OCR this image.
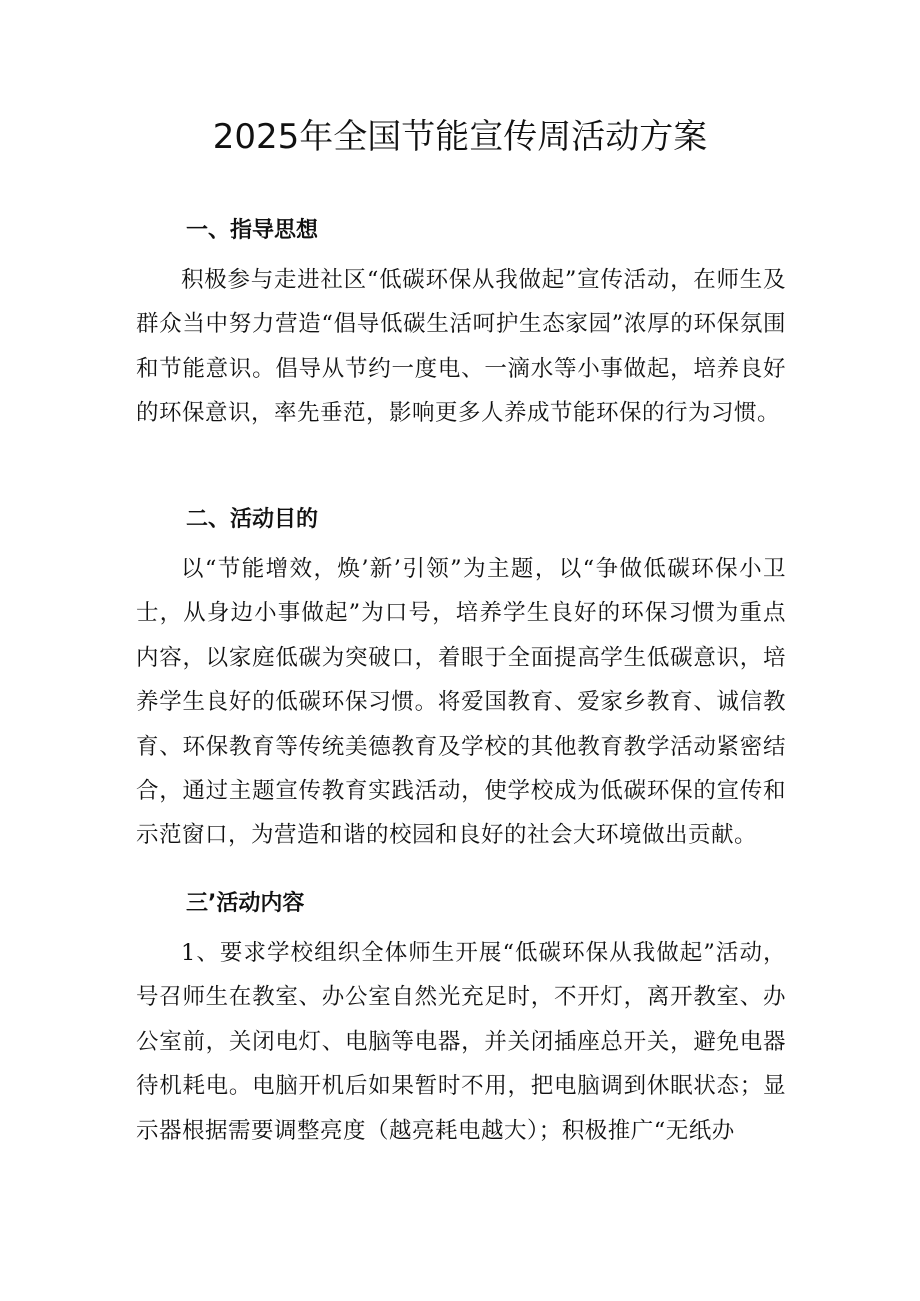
2025年全国节能宣传周活动方案
一、指导思想

积极参与走进社区“低碳环保从我做起”宣传活动，在师生及群众当中努力营造“倡导低碳生活呵护生态家园”浓厚的环保氛围和节能意识。倡导从节约一度电、一滴水等小事做起，培养良好的环保意识，率先垂范，影响更多人养成节能环保的行为习惯。

二、活动目的

以“节能增效，焕’新’引领”为主题，以“争做低碳环保小卫士，从身边小事做起”为口号，培养学生良好的环保习惯为重点内容，以家庭低碳为突破口，着眼于全面提高学生低碳意识，培养学生良好的低碳环保习惯。将爱国教育、爱家乡教育、诚信教育、环保教育等传统美德教育及学校的其他教育教学活动紧密结合，通过主题宣传教育实践活动，使学校成为低碳环保的宣传和示范窗口，为营造和谐的校园和良好的社会大环境做出贡献。

三’活动内容

1、要求学校组织全体师生开展“低碳环保从我做起”活动，号召师生在教室、办公室自然光充足时，不开灯，离开教室、办公室前，关闭电灯、电脑等电器，并关闭插座总开关，避免电器待机耗电。电脑开机后如果暂时不用，把电脑调到休眠状态；显示器根据需要调整亮度（越亮耗电越大）；积极推广“无纸办
